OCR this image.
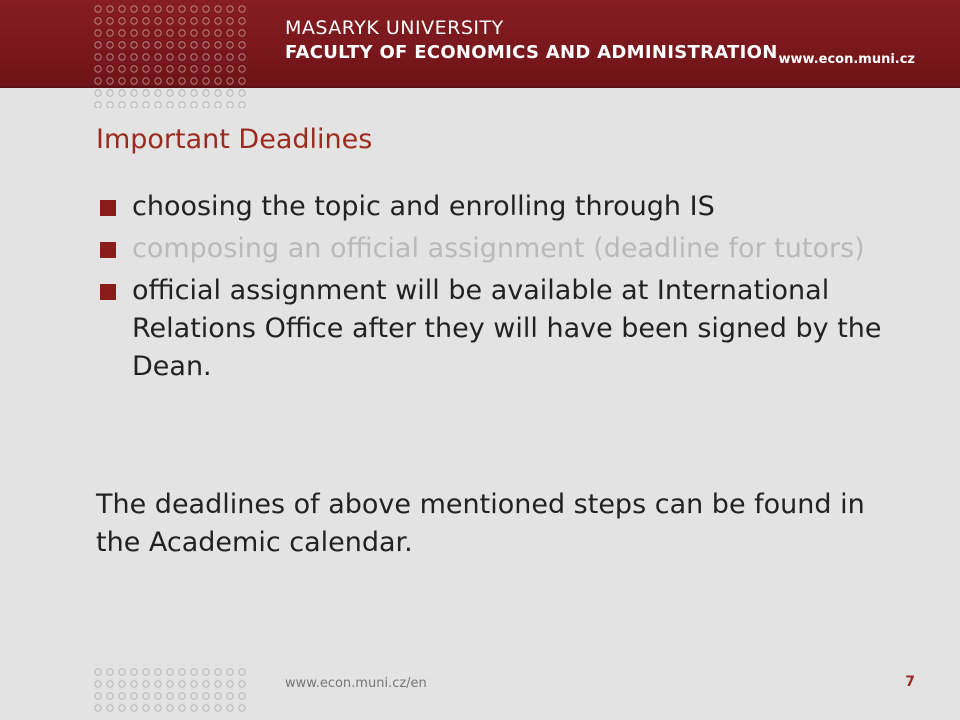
MASARYK UNIVERSITY
FACULTY OF ECONOMICS AND ADMINISTRATION www.econ.muni.cz
Important Deadlines
choosing the topic and enrolling through IS
composing an official assignment (deadline for tutors)
official assignment will be available at International Relations Office after they will have been signed by the Dean.
The deadlines of above mentioned steps can be found in the Academic calendar.
www.econ.muni.cz/en	7
